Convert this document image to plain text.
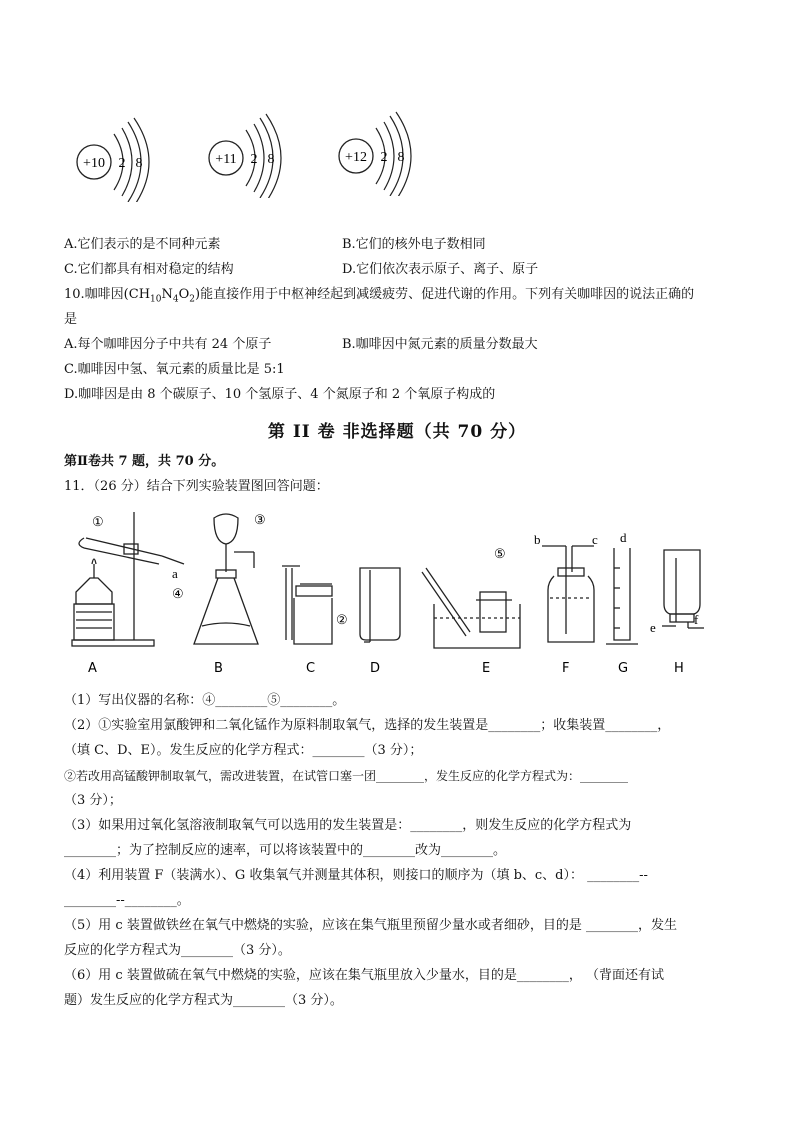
+10 2 8	+11 2 8	+12 2 8
A.它们表示的是不同种元素	B.它们的核外电子数相同
C.它们都具有相对稳定的结构	D.它们依次表示原子、离子、原子
10.咖啡因$(CH_{10}N_4O_2)$能直接作用于中枢神经起到减缓疲劳、促进代谢的作用。下列有关咖啡因的说法正确的
是
A.每个咖啡因分子中共有 24 个原子	B.咖啡因中氮元素的质量分数最大
C.咖啡因中氢、氧元素的质量比是 5:1
D.咖啡因是由 8 个碳原子、10 个氢原子、4 个氮原子和 2 个氧原子构成的
第 II 卷 非选择题（共 70 分）
第Ⅱ卷共 7 题，共 70 分。
11．（26 分）结合下列实验装置图回答问题：
①
a
③
④
②
⑤
b	c d
e
f
A	B	C	D	E	F	G	H
（1）写出仪器的名称：④________⑤________。
（2）①实验室用氯酸钾和二氧化锰作为原料制取氧气，选择的发生装置是________；收集装置________，
（填 C、D、E）。发生反应的化学方程式：________（3 分）；
②若改用高锰酸钾制取氧气，需改进装置，在试管口塞一团________，发生反应的化学方程式为：________
（3 分）；
（3）如果用过氧化氢溶液制取氧气可以选用的发生装置是：________，则发生反应的化学方程式为
________；为了控制反应的速率，可以将该装置中的________改为________。
（4）利用装置 F（装满水）、G 收集氧气并测量其体积，则接口的顺序为（填 b、c、d）： ________--
________--________。
（5）用 c 装置做铁丝在氧气中燃烧的实验，应该在集气瓶里预留少量水或者细砂，目的是 ________，发生
反应的化学方程式为________（3 分）。
（6）用 c 装置做硫在氧气中燃烧的实验，应该在集气瓶里放入少量水，目的是________， （背面还有试
题）发生反应的化学方程式为________（3 分）。
